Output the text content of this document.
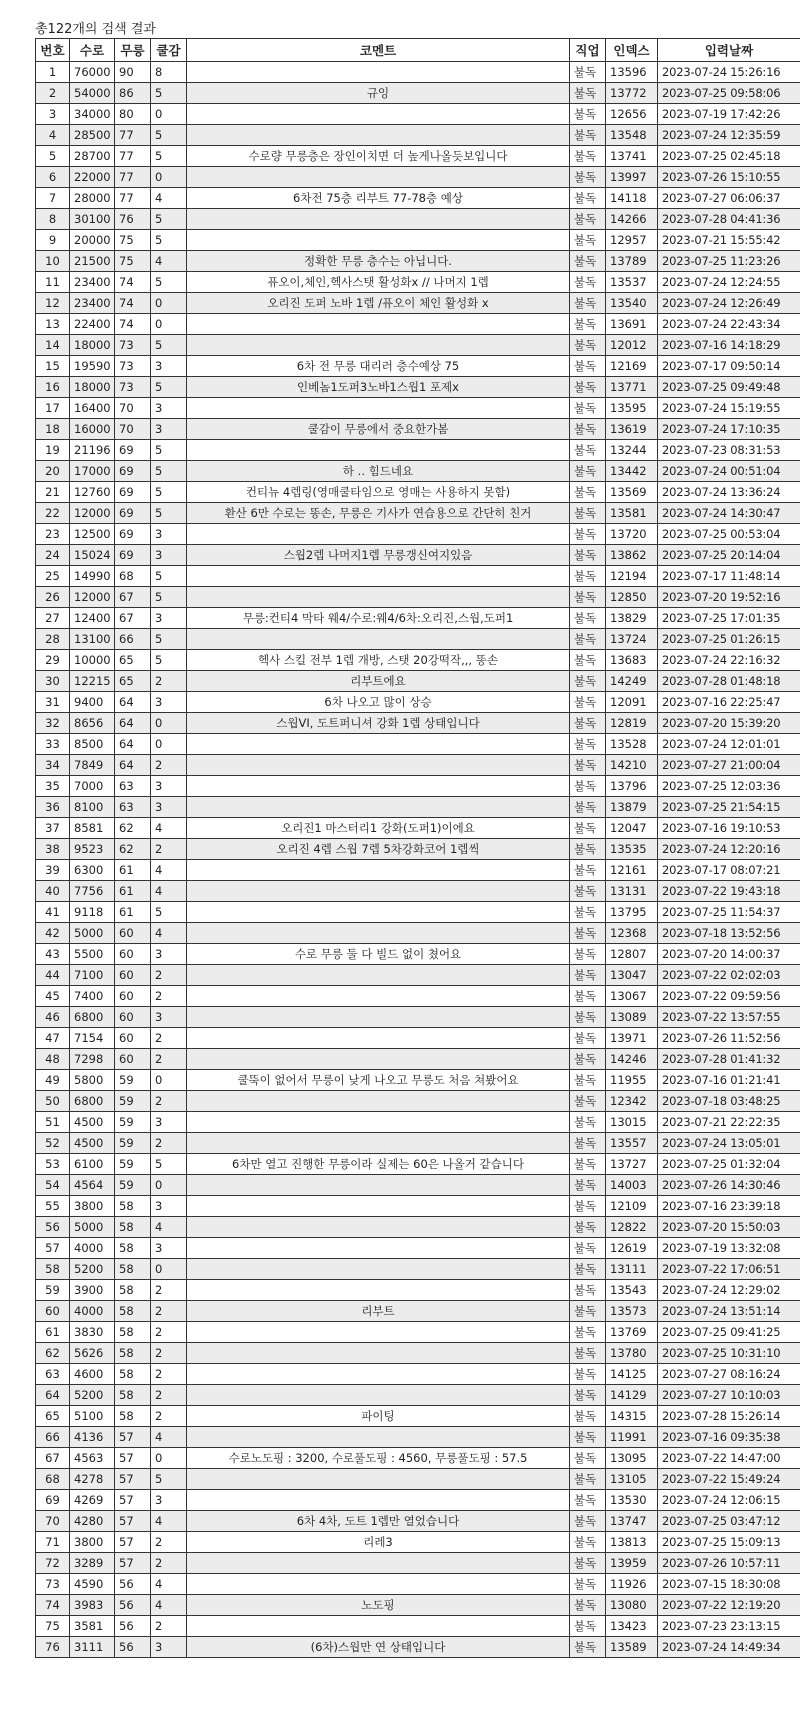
총122개의 검색 결과
번호	수로	무릉	쿨감	코멘트	직업	인덱스	입력날짜
1	76000	90	8		불독	13596	2023-07-24 15:26:16
2	54000	86	5	규잉	불독	13772	2023-07-25 09:58:06
3	34000	80	0		불독	12656	2023-07-19 17:42:26
4	28500	77	5		불독	13548	2023-07-24 12:35:59
5	28700	77	5	수로량 무릉층은 장인이치면 더 높게나올듯보입니다	불독	13741	2023-07-25 02:45:18
6	22000	77	0		불독	13997	2023-07-26 15:10:55
7	28000	77	4	6차전 75층 리부트 77-78층 예상	불독	14118	2023-07-27 06:06:37
8	30100	76	5		불독	14266	2023-07-28 04:41:36
9	20000	75	5		불독	12957	2023-07-21 15:55:42
10	21500	75	4	정확한 무릉 층수는 아닙니다.	불독	13789	2023-07-25 11:23:26
11	23400	74	5	퓨오이,체인,헥사스탯 활성화x // 나머지 1렙	불독	13537	2023-07-24 12:24:55
12	23400	74	0	오리진 도퍼 노바 1렙 /퓨오이 체인 활성화 x	불독	13540	2023-07-24 12:26:49
13	22400	74	0		불독	13691	2023-07-24 22:43:34
14	18000	73	5		불독	12012	2023-07-16 14:18:29
15	19590	73	3	6차 전 무릉 대리러 층수예상 75	불독	12169	2023-07-17 09:50:14
16	18000	73	5	인베놈1도퍼3노바1스웝1 포제x	불독	13771	2023-07-25 09:49:48
17	16400	70	3		불독	13595	2023-07-24 15:19:55
18	16000	70	3	쿨감이 무릉에서 중요한가봄	불독	13619	2023-07-24 17:10:35
19	21196	69	5		불독	13244	2023-07-23 08:31:53
20	17000	69	5	하 .. 힘드네요	불독	13442	2023-07-24 00:51:04
21	12760	69	5	컨티뉴 4렙링(영매쿨타임으로 영매는 사용하지 못함)	불독	13569	2023-07-24 13:36:24
22	12000	69	5	환산 6만 수로는 똥손, 무릉은 기사가 연습용으로 간단히 친거	불독	13581	2023-07-24 14:30:47
23	12500	69	3		불독	13720	2023-07-25 00:53:04
24	15024	69	3	스웝2렙 나머지1렙 무릉갱신여지있음	불독	13862	2023-07-25 20:14:04
25	14990	68	5		불독	12194	2023-07-17 11:48:14
26	12000	67	5		불독	12850	2023-07-20 19:52:16
27	12400	67	3	무릉:컨티4 막타 웨4/수로:웨4/6차:오리진,스웝,도퍼1	불독	13829	2023-07-25 17:01:35
28	13100	66	5		불독	13724	2023-07-25 01:26:15
29	10000	65	5	헥사 스킬 전부 1렙 개방, 스탯 20강떡작,,, 똥손	불독	13683	2023-07-24 22:16:32
30	12215	65	2	리부트에요	불독	14249	2023-07-28 01:48:18
31	9400	64	3	6차 나오고 많이 상승	불독	12091	2023-07-16 22:25:47
32	8656	64	0	스웝VI, 도트퍼니셔 강화 1렙 상태입니다	불독	12819	2023-07-20 15:39:20
33	8500	64	0		불독	13528	2023-07-24 12:01:01
34	7849	64	2		불독	14210	2023-07-27 21:00:04
35	7000	63	3		불독	13796	2023-07-25 12:03:36
36	8100	63	3		불독	13879	2023-07-25 21:54:15
37	8581	62	4	오리진1 마스터리1 강화(도퍼1)이에요	불독	12047	2023-07-16 19:10:53
38	9523	62	2	오리진 4렙 스웝 7렙 5차강화코어 1렙씩	불독	13535	2023-07-24 12:20:16
39	6300	61	4		불독	12161	2023-07-17 08:07:21
40	7756	61	4		불독	13131	2023-07-22 19:43:18
41	9118	61	5		불독	13795	2023-07-25 11:54:37
42	5000	60	4		불독	12368	2023-07-18 13:52:56
43	5500	60	3	수로 무릉 둘 다 빌드 없이 쳤어요	불독	12807	2023-07-20 14:00:37
44	7100	60	2		불독	13047	2023-07-22 02:02:03
45	7400	60	2		불독	13067	2023-07-22 09:59:56
46	6800	60	3		불독	13089	2023-07-22 13:57:55
47	7154	60	2		불독	13971	2023-07-26 11:52:56
48	7298	60	2		불독	14246	2023-07-28 01:41:32
49	5800	59	0	쿨뚝이 없어서 무릉이 낮게 나오고 무릉도 처음 쳐봤어요	불독	11955	2023-07-16 01:21:41
50	6800	59	2		불독	12342	2023-07-18 03:48:25
51	4500	59	3		불독	13015	2023-07-21 22:22:35
52	4500	59	2		불독	13557	2023-07-24 13:05:01
53	6100	59	5	6차만 열고 진행한 무릉이라 실제는 60은 나올거 같습니다	불독	13727	2023-07-25 01:32:04
54	4564	59	0		불독	14003	2023-07-26 14:30:46
55	3800	58	3		불독	12109	2023-07-16 23:39:18
56	5000	58	4		불독	12822	2023-07-20 15:50:03
57	4000	58	3		불독	12619	2023-07-19 13:32:08
58	5200	58	0		불독	13111	2023-07-22 17:06:51
59	3900	58	2		불독	13543	2023-07-24 12:29:02
60	4000	58	2	리부트	불독	13573	2023-07-24 13:51:14
61	3830	58	2		불독	13769	2023-07-25 09:41:25
62	5626	58	2		불독	13780	2023-07-25 10:31:10
63	4600	58	2		불독	14125	2023-07-27 08:16:24
64	5200	58	2		불독	14129	2023-07-27 10:10:03
65	5100	58	2	파이팅	불독	14315	2023-07-28 15:26:14
66	4136	57	4		불독	11991	2023-07-16 09:35:38
67	4563	57	0	수로노도핑 : 3200, 수로풀도핑 : 4560, 무릉풀도핑 : 57.5	불독	13095	2023-07-22 14:47:00
68	4278	57	5		불독	13105	2023-07-22 15:49:24
69	4269	57	3		불독	13530	2023-07-24 12:06:15
70	4280	57	4	6차 4차, 도트 1렙만 열었습니다	불독	13747	2023-07-25 03:47:12
71	3800	57	2	리레3	불독	13813	2023-07-25 15:09:13
72	3289	57	2		불독	13959	2023-07-26 10:57:11
73	4590	56	4		불독	11926	2023-07-15 18:30:08
74	3983	56	4	노도핑	불독	13080	2023-07-22 12:19:20
75	3581	56	2		불독	13423	2023-07-23 23:13:15
76	3111	56	3	(6차)스웝만 연 상태입니다	불독	13589	2023-07-24 14:49:34
